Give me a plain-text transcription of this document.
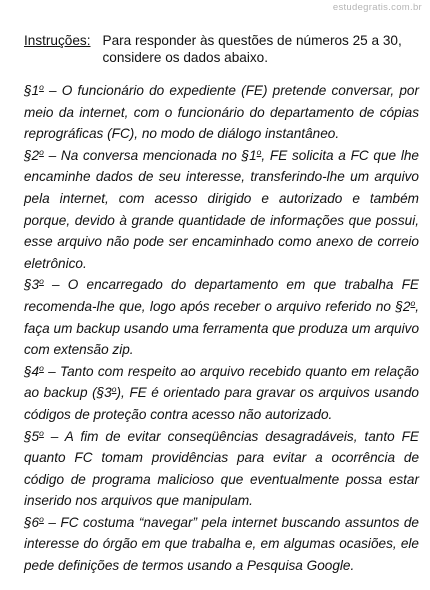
estudegratis.com.br
Instruções: Para responder às questões de números 25 a 30, considere os dados abaixo.

§1$^o$ – O funcionário do expediente (FE) pretende conversar, por meio da internet, com o funcionário do departamento de cópias reprográficas (FC), no modo de diálogo instantâneo.

§2$^o$ – Na conversa mencionada no §1$^o$, FE solicita a FC que lhe encaminhe dados de seu interesse, transferindo-lhe um arquivo pela internet, com acesso dirigido e autorizado e também porque, devido à grande quantidade de informações que possui, esse arquivo não pode ser encaminhado como anexo de correio eletrônico.

§3$^o$ – O encarregado do departamento em que trabalha FE recomenda-lhe que, logo após receber o arquivo referido no §2$^o$, faça um backup usando uma ferramenta que produza um arquivo com extensão zip.

§4$^o$ – Tanto com respeito ao arquivo recebido quanto em relação ao backup (§3$^o$), FE é orientado para gravar os arquivos usando códigos de proteção contra acesso não autorizado.

§5$^o$ – A fim de evitar conseqüências desagradáveis, tanto FE quanto FC tomam providências para evitar a ocorrência de código de programa malicioso que eventualmente possa estar inserido nos arquivos que manipulam.

§6$^o$ – FC costuma “navegar” pela internet buscando assuntos de interesse do órgão em que trabalha e, em algumas ocasiões, ele pede definições de termos usando a Pesquisa Google.
